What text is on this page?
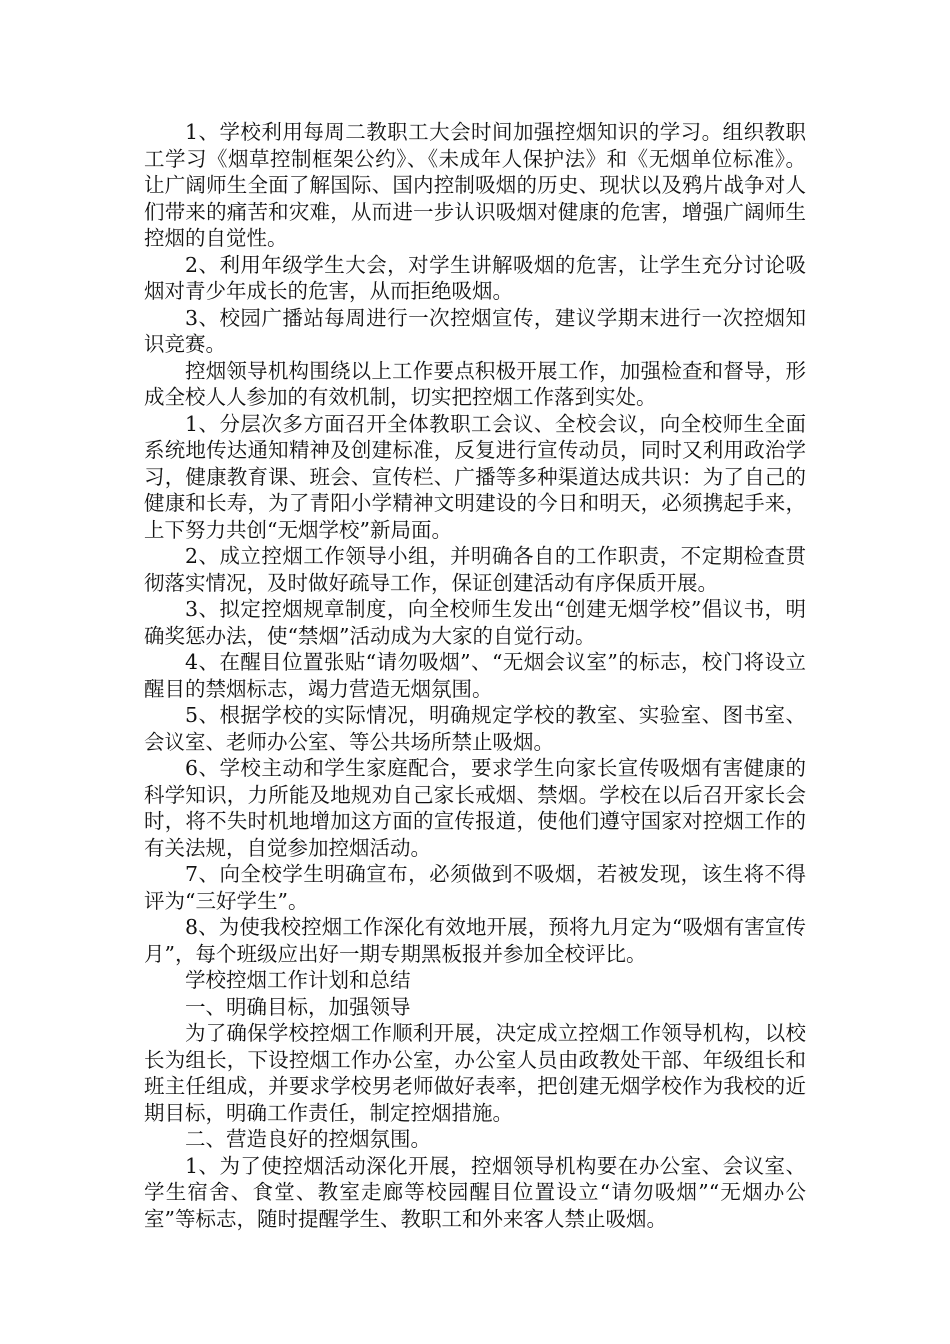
1、学校利用每周二教职工大会时间加强控烟知识的学习。组织教职工学习《烟草控制框架公约》、《未成年人保护法》和《无烟单位标准》。让广阔师生全面了解国际、国内控制吸烟的历史、现状以及鸦片战争对人们带来的痛苦和灾难，从而进一步认识吸烟对健康的危害，增强广阔师生控烟的自觉性。

2、利用年级学生大会，对学生讲解吸烟的危害，让学生充分讨论吸烟对青少年成长的危害，从而拒绝吸烟。

3、校园广播站每周进行一次控烟宣传，建议学期末进行一次控烟知识竞赛。

控烟领导机构围绕以上工作要点积极开展工作，加强检查和督导，形成全校人人参加的有效机制，切实把控烟工作落到实处。

1、分层次多方面召开全体教职工会议、全校会议，向全校师生全面系统地传达通知精神及创建标准，反复进行宣传动员，同时又利用政治学习，健康教育课、班会、宣传栏、广播等多种渠道达成共识：为了自己的健康和长寿，为了青阳小学精神文明建设的今日和明天，必须携起手来，上下努力共创“无烟学校”新局面。

2、成立控烟工作领导小组，并明确各自的工作职责，不定期检查贯彻落实情况，及时做好疏导工作，保证创建活动有序保质开展。

3、拟定控烟规章制度，向全校师生发出“创建无烟学校”倡议书，明确奖惩办法，使“禁烟”活动成为大家的自觉行动。

4、在醒目位置张贴“请勿吸烟”、“无烟会议室”的标志，校门将设立醒目的禁烟标志，竭力营造无烟氛围。

5、根据学校的实际情况，明确规定学校的教室、实验室、图书室、会议室、老师办公室、等公共场所禁止吸烟。

6、学校主动和学生家庭配合，要求学生向家长宣传吸烟有害健康的科学知识，力所能及地规劝自己家长戒烟、禁烟。学校在以后召开家长会时，将不失时机地增加这方面的宣传报道，使他们遵守国家对控烟工作的有关法规，自觉参加控烟活动。

7、向全校学生明确宣布，必须做到不吸烟，若被发现，该生将不得评为“三好学生”。

8、为使我校控烟工作深化有效地开展，预将九月定为“吸烟有害宣传月”，每个班级应出好一期专期黑板报并参加全校评比。

学校控烟工作计划和总结

一、明确目标，加强领导

为了确保学校控烟工作顺利开展，决定成立控烟工作领导机构，以校长为组长，下设控烟工作办公室，办公室人员由政教处干部、年级组长和班主任组成，并要求学校男老师做好表率，把创建无烟学校作为我校的近期目标，明确工作责任，制定控烟措施。

二、营造良好的控烟氛围。

1、为了使控烟活动深化开展，控烟领导机构要在办公室、会议室、学生宿舍、食堂、教室走廊等校园醒目位置设立“请勿吸烟”“无烟办公室”等标志，随时提醒学生、教职工和外来客人禁止吸烟。
